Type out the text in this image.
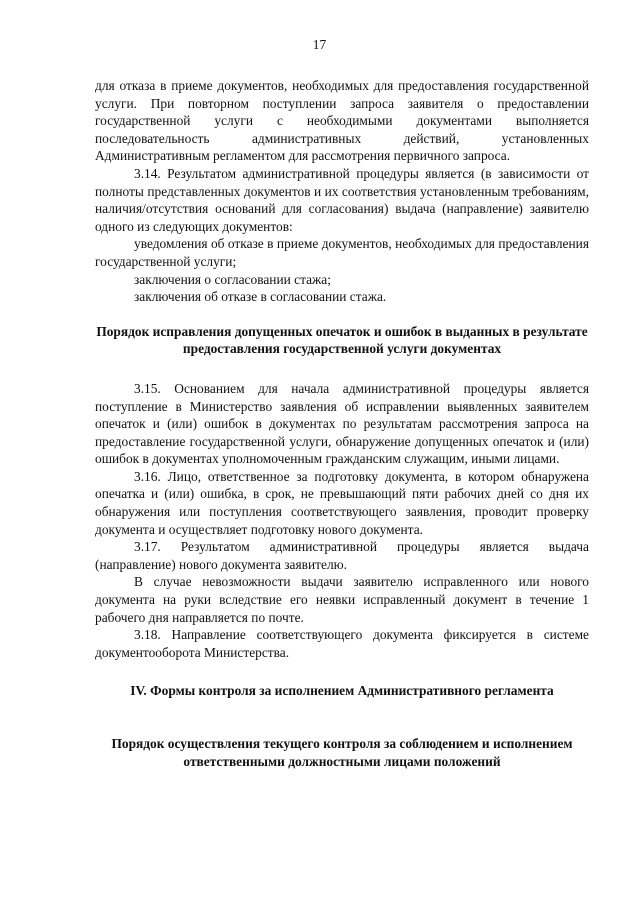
17

для отказа в приеме документов, необходимых для предоставления государственной услуги. При повторном поступлении запроса заявителя о предоставлении государственной услуги с необходимыми документами выполняется последовательность административных действий, установленных Административным регламентом для рассмотрения первичного запроса.

3.14. Результатом административной процедуры является (в зависимости от полноты представленных документов и их соответствия установленным требованиям, наличия/отсутствия оснований для согласования) выдача (направление) заявителю одного из следующих документов:

уведомления об отказе в приеме документов, необходимых для предоставления государственной услуги;

заключения о согласовании стажа;

заключения об отказе в согласовании стажа.

Порядок исправления допущенных опечаток и ошибок в выданных в результате предоставления государственной услуги документах

3.15. Основанием для начала административной процедуры является поступление в Министерство заявления об исправлении выявленных заявителем опечаток и (или) ошибок в документах по результатам рассмотрения запроса на предоставление государственной услуги, обнаружение допущенных опечаток и (или) ошибок в документах уполномоченным гражданским служащим, иными лицами.

3.16. Лицо, ответственное за подготовку документа, в котором обнаружена опечатка и (или) ошибка, в срок, не превышающий пяти рабочих дней со дня их обнаружения или поступления соответствующего заявления, проводит проверку документа и осуществляет подготовку нового документа.

3.17. Результатом административной процедуры является выдача (направление) нового документа заявителю.

В случае невозможности выдачи заявителю исправленного или нового документа на руки вследствие его неявки исправленный документ в течение 1 рабочего дня направляется по почте.

3.18. Направление соответствующего документа фиксируется в системе документооборота Министерства.

IV. Формы контроля за исполнением Административного регламента
Порядок осуществления текущего контроля за соблюдением и исполнением ответственными должностными лицами положений
